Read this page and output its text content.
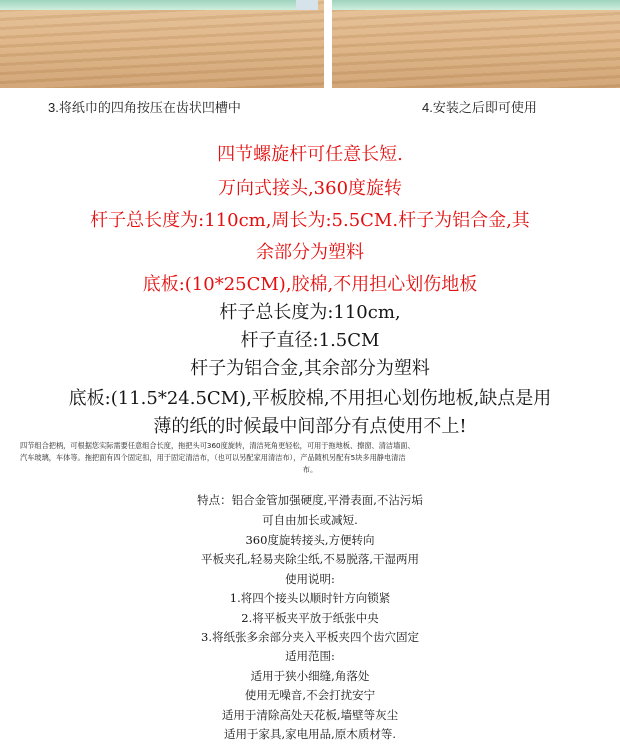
3.将纸巾的四角按压在齿状凹槽中	4.安装之后即可使用
四节螺旋杆可任意长短.
万向式接头,360度旋转
杆子总长度为:110cm,周长为:5.5CM.杆子为铝合金,其
余部分为塑料
底板:(10*25CM),胶棉,不用担心划伤地板
杆子总长度为:110cm,
杆子直径:1.5CM
杆子为铝合金,其余部分为塑料
底板:(11.5*24.5CM),平板胶棉,不用担心划伤地板,缺点是用
薄的纸的时候最中间部分有点使用不上!
四节组合把柄，可根据您实际需要任意组合长度，拖把头可360度旋转，清洁死角更轻松，可用于拖地板、擦窗、清洁墙面、
汽车玻璃，车体等。拖把面有四个固定扣，用于固定清洁布，（也可以另配家用清洁布），产品随机另配有5块多用静电清洁
布。
特点：铝合金管加强硬度,平滑表面,不沾污垢
可自由加长或减短.
360度旋转接头,方便转向
平板夹孔,轻易夹除尘纸,不易脱落,干湿两用
使用说明:
1.将四个接头以顺时针方向锁紧
2.将平板夹平放于纸张中央
3.将纸张多余部分夹入平板夹四个齿穴固定
适用范围:
适用于狭小细缝,角落处
使用无噪音,不会打扰安宁
适用于清除高处天花板,墙壁等灰尘
适用于家具,家电用品,原木质材等.
